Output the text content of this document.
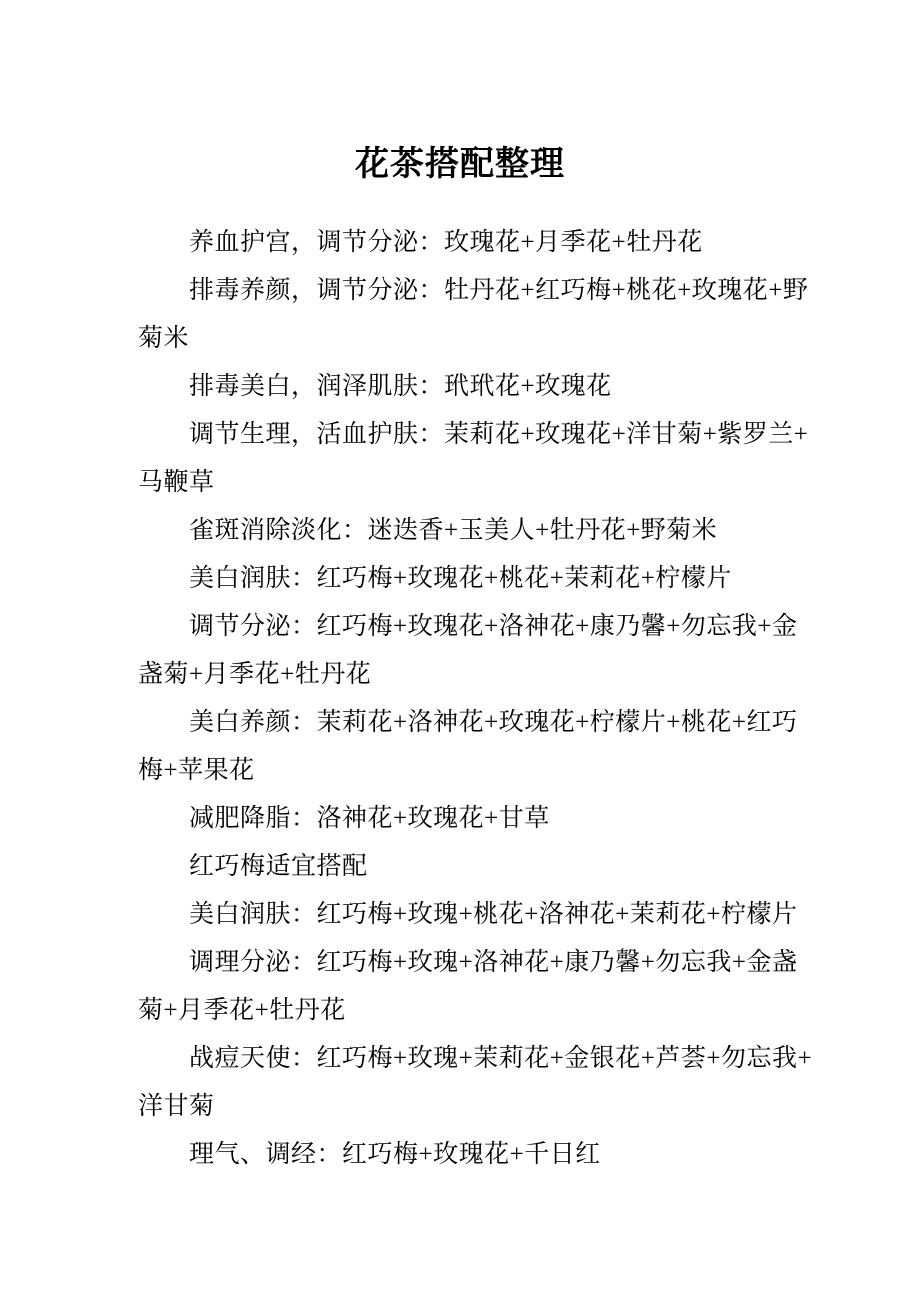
花茶搭配整理
养血护宫，调节分泌：玫瑰花+月季花+牡丹花
排毒养颜，调节分泌：牡丹花+红巧梅+桃花+玫瑰花+野
菊米
排毒美白，润泽肌肤：玳玳花+玫瑰花
调节生理，活血护肤：茉莉花+玫瑰花+洋甘菊+紫罗兰+
马鞭草
雀斑消除淡化：迷迭香+玉美人+牡丹花+野菊米
美白润肤：红巧梅+玫瑰花+桃花+茉莉花+柠檬片
调节分泌：红巧梅+玫瑰花+洛神花+康乃馨+勿忘我+金
盏菊+月季花+牡丹花
美白养颜：茉莉花+洛神花+玫瑰花+柠檬片+桃花+红巧
梅+苹果花
减肥降脂：洛神花+玫瑰花+甘草
红巧梅适宜搭配
美白润肤：红巧梅+玫瑰+桃花+洛神花+茉莉花+柠檬片
调理分泌：红巧梅+玫瑰+洛神花+康乃馨+勿忘我+金盏
菊+月季花+牡丹花
战痘天使：红巧梅+玫瑰+茉莉花+金银花+芦荟+勿忘我+
洋甘菊
理气、调经：红巧梅+玫瑰花+千日红
